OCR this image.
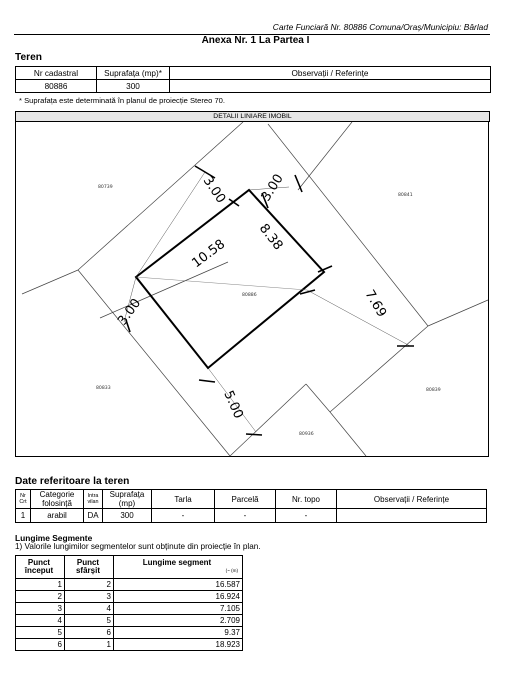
Carte Funciară Nr. 80886 Comuna/Oraș/Municipiu: Bârlad
Anexa Nr. 1 La Partea I
Teren
Nr cadastral	Suprafața (mp)*	Observații / Referințe
80886	300	
* Suprafața este determinată în planul de proiecție Stereo 70.
DETALII LINIARE IMOBIL
3.00 3.00
10.58 8.38
3.00	7.69
5.00
80886
80739
80841
80833	80839
80936
Date referitoare la teren
Nr Crt	Categorie folosință	Intra vilan	Suprafața (mp)	Tarla	Parcelă	Nr. topo	Observații / Referințe
1	arabil	DA	300	-	-	-	
Lungime Segmente
1) Valorile lungimilor segmentelor sunt obținute din proiecție în plan.
Punct început	Punct sfârșit	Lungime segment

(~ (m)

1	2	16.587
2	3	16.924
3	4	7.105
4	5	2.709
5	6	9.37
6	1	18.923
